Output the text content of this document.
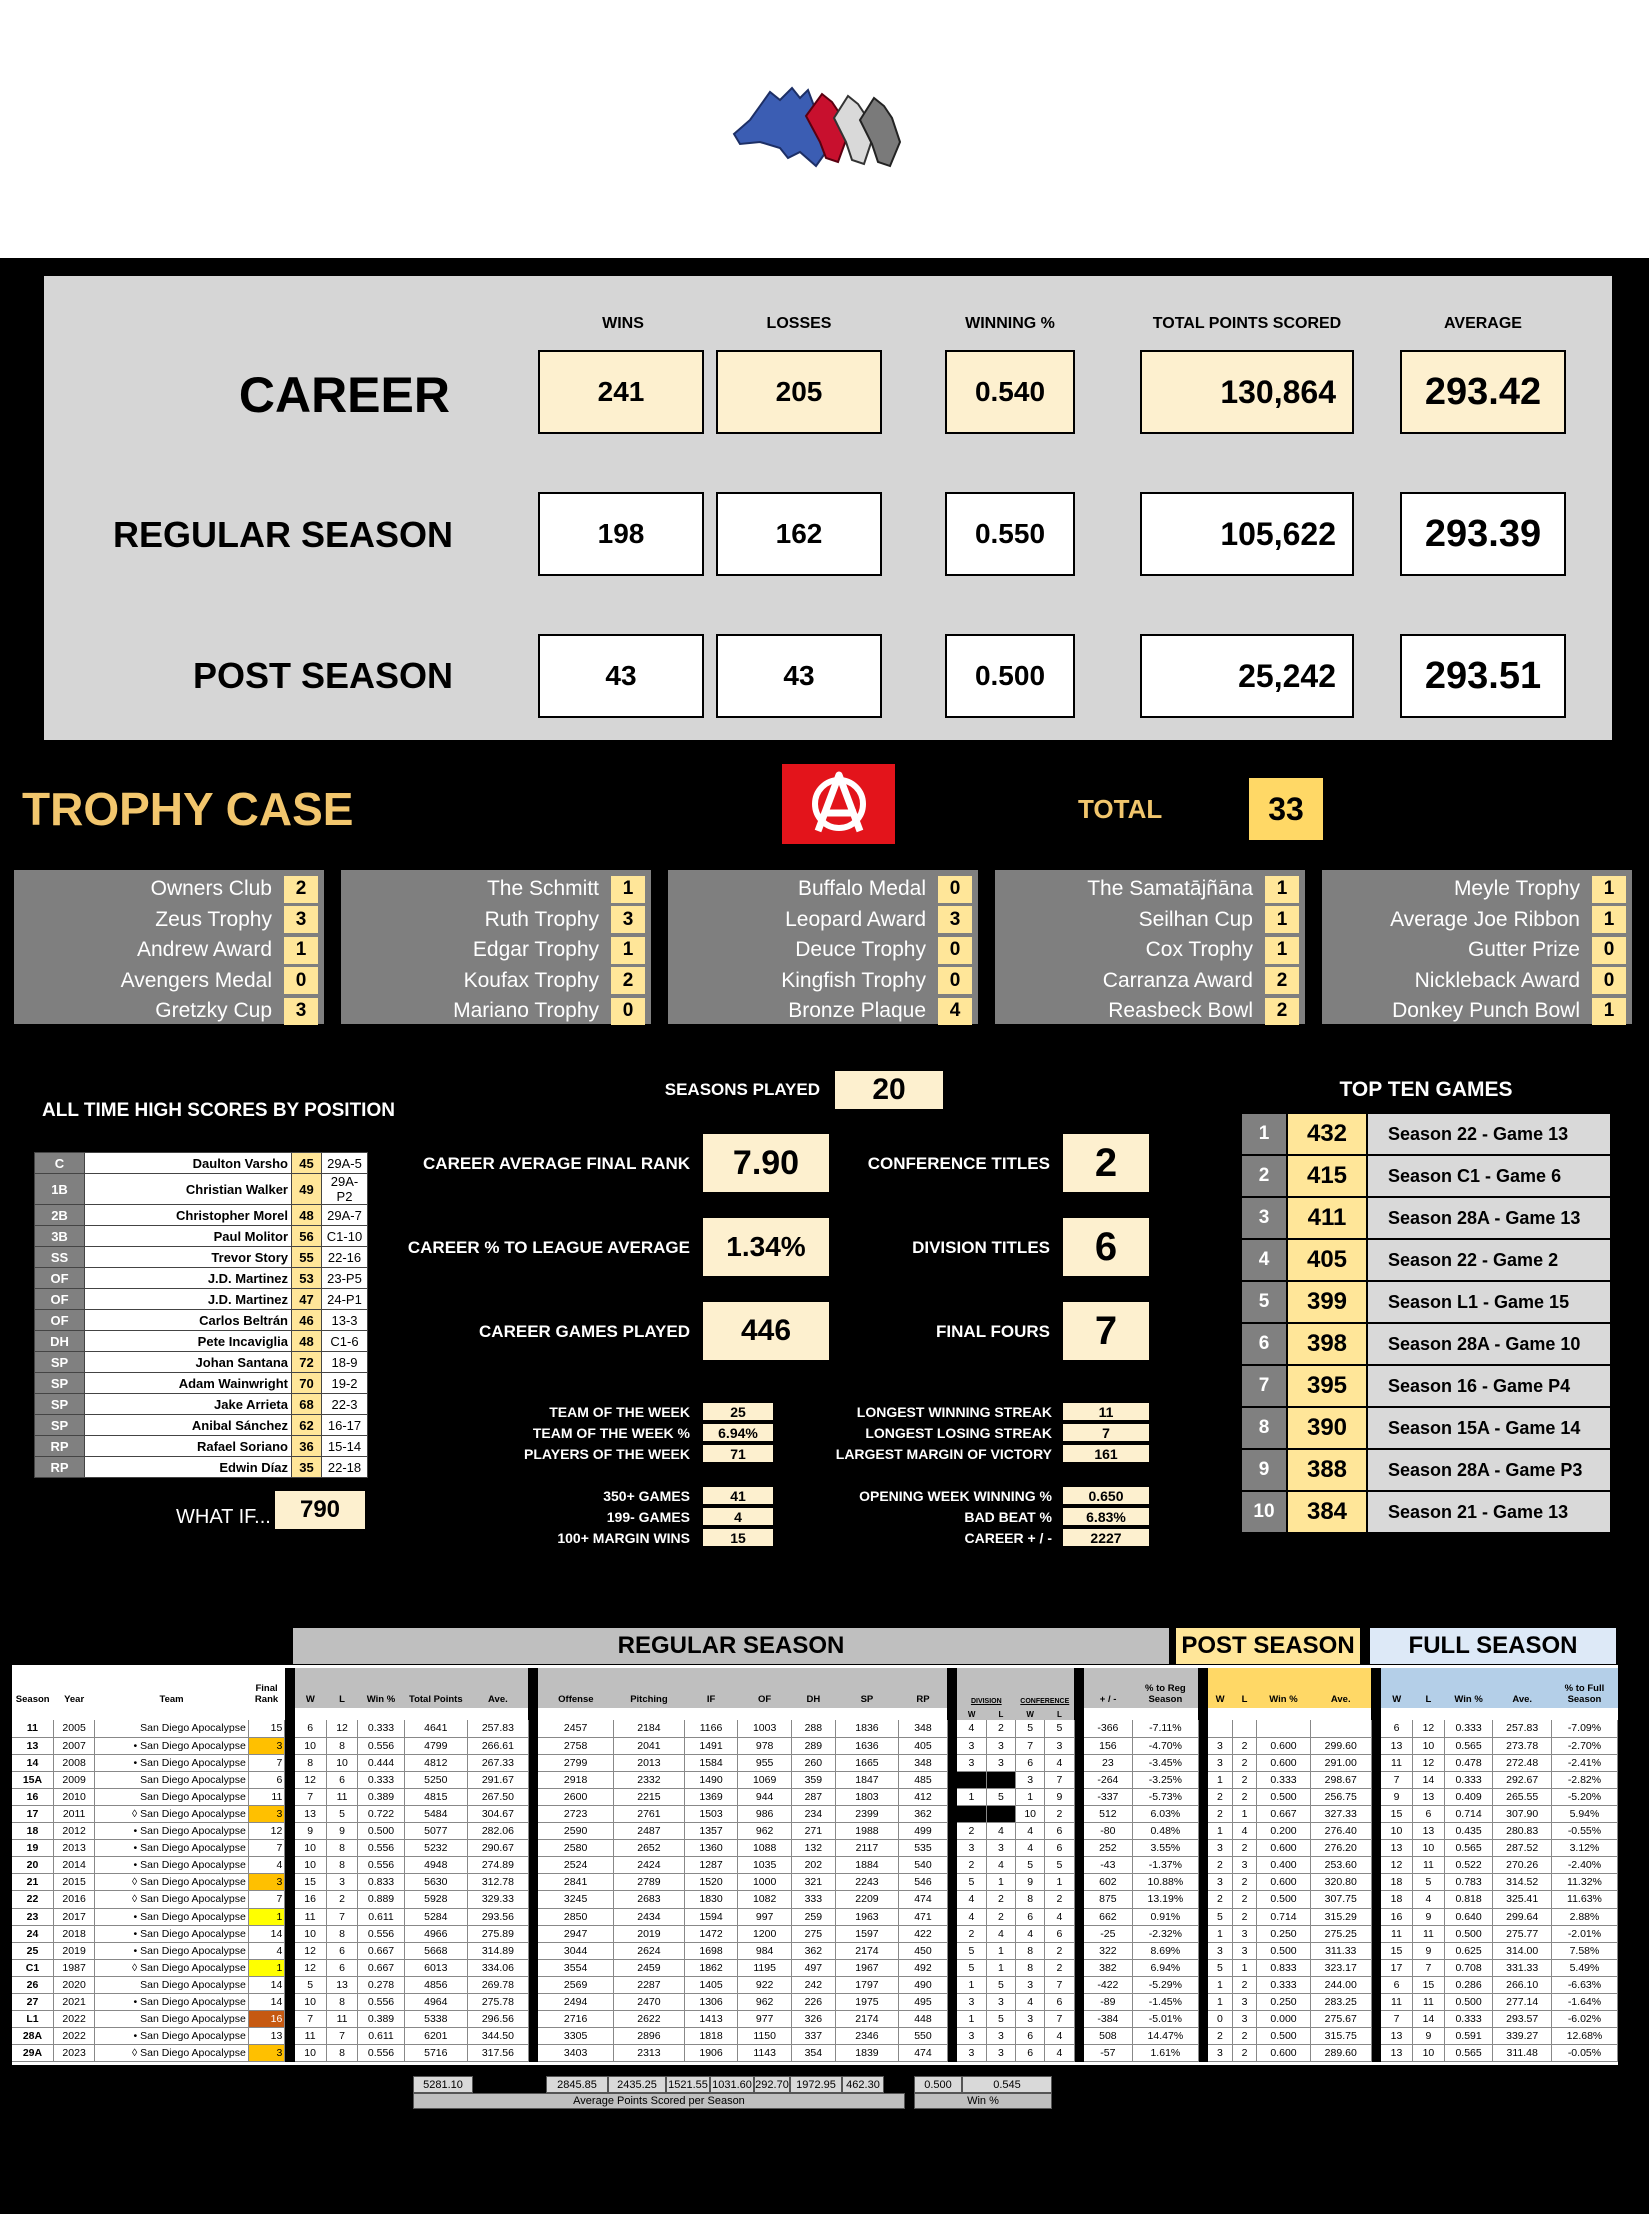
WINS	LOSSES	WINNING %	TOTAL POINTS SCORED	AVERAGE
CAREER	241	205	0.540	130,864	293.42
REGULAR SEASON	198	162	0.550	105,622	293.39
POST SEASON	43	43	0.500	25,242	293.51
TROPHY CASE	TOTAL	33
Owners Club	2
Zeus Trophy	3
Andrew Award	1
Avengers Medal	0
Gretzky Cup	3
The Schmitt	1
Ruth Trophy	3
Edgar Trophy	1
Koufax Trophy	2
Mariano Trophy	0
Buffalo Medal	0
Leopard Award	3
Deuce Trophy	0
Kingfish Trophy	0
Bronze Plaque	4
The Samatājñāna	1
Seilhan Cup	1
Cox Trophy	1
Carranza Award	2
Reasbeck Bowl	2
Meyle Trophy	1
Average Joe Ribbon	1
Gutter Prize	0
Nickleback Award	0
Donkey Punch Bowl	1
ALL TIME HIGH SCORES BY POSITION
C	Daulton Varsho	45	29A-5
1B	Christian Walker	49	29A-P2
2B	Christopher Morel	48	29A-7
3B	Paul Molitor	56	C1-10
SS	Trevor Story	55	22-16
OF	J.D. Martinez	53	23-P5
OF	J.D. Martinez	47	24-P1
OF	Carlos Beltrán	46	13-3
DH	Pete Incaviglia	48	C1-6
SP	Johan Santana	72	18-9
SP	Adam Wainwright	70	19-2
SP	Jake Arrieta	68	22-3
SP	Anibal Sánchez	62	16-17
RP	Rafael Soriano	36	15-14
RP	Edwin Díaz	35	22-18
WHAT IF...	790
SEASONS PLAYED	20
CAREER AVERAGE FINAL RANK	7.90
CAREER % TO LEAGUE AVERAGE	1.34%
CAREER GAMES PLAYED	446
CONFERENCE TITLES	2
DIVISION TITLES	6
FINAL FOURS	7
TEAM OF THE WEEK	25
TEAM OF THE WEEK %	6.94%
PLAYERS OF THE WEEK	71
350+ GAMES	41
199- GAMES	4
100+ MARGIN WINS	15
LONGEST WINNING STREAK	11
LONGEST LOSING STREAK	7
LARGEST MARGIN OF VICTORY	161
OPENING WEEK WINNING %	0.650
BAD BEAT %	6.83%
CAREER + / -	2227
TOP TEN GAMES
1	432	Season 22 - Game 13
2	415	Season C1 - Game 6
3	411	Season 28A - Game 13
4	405	Season 22 - Game 2
5	399	Season L1 - Game 15
6	398	Season 28A - Game 10
7	395	Season 16 - Game P4
8	390	Season 15A - Game 14
9	388	Season 28A - Game P3
10	384	Season 21 - Game 13
REGULAR SEASON	POST SEASON	FULL SEASON
Season	Year	Team	Final Rank		W	L	Win %	Total Points	Ave.		Offense	Pitching	IF	OF	DH	SP	RP		DIVISION		CONFERENCE			+ / -	% to Reg Season		W	L	Win %	Ave.		W	L	Win %	Ave.	% to Full Season
																			W	L	W	L														
11	2005	San Diego Apocalypse	15		6	12	0.333	4641	257.83		2457	2184	1166	1003	288	1836	348		4	2	5	5		-366	-7.11%							6	12	0.333	257.83	-7.09%
13	2007	• San Diego Apocalypse	3		10	8	0.556	4799	266.61		2758	2041	1491	978	289	1636	405		3	3	7	3		156	-4.70%		3	2	0.600	299.60		13	10	0.565	273.78	-2.70%
14	2008	• San Diego Apocalypse	7		8	10	0.444	4812	267.33		2799	2013	1584	955	260	1665	348		3	3	6	4		23	-3.45%		3	2	0.600	291.00		11	12	0.478	272.48	-2.41%
15A	2009	San Diego Apocalypse	6		12	6	0.333	5250	291.67		2918	2332	1490	1069	359	1847	485				3	7		-264	-3.25%		1	2	0.333	298.67		7	14	0.333	292.67	-2.82%
16	2010	San Diego Apocalypse	11		7	11	0.389	4815	267.50		2600	2215	1369	944	287	1803	412		1	5	1	9		-337	-5.73%		2	2	0.500	256.75		9	13	0.409	265.55	-5.20%
17	2011	◊ San Diego Apocalypse	3		13	5	0.722	5484	304.67		2723	2761	1503	986	234	2399	362				10	2		512	6.03%		2	1	0.667	327.33		15	6	0.714	307.90	5.94%
18	2012	• San Diego Apocalypse	12		9	9	0.500	5077	282.06		2590	2487	1357	962	271	1988	499		2	4	4	6		-80	0.48%		1	4	0.200	276.40		10	13	0.435	280.83	-0.55%
19	2013	• San Diego Apocalypse	7		10	8	0.556	5232	290.67		2580	2652	1360	1088	132	2117	535		3	3	4	6		252	3.55%		3	2	0.600	276.20		13	10	0.565	287.52	3.12%
20	2014	• San Diego Apocalypse	4		10	8	0.556	4948	274.89		2524	2424	1287	1035	202	1884	540		2	4	5	5		-43	-1.37%		2	3	0.400	253.60		12	11	0.522	270.26	-2.40%
21	2015	◊ San Diego Apocalypse	3		15	3	0.833	5630	312.78		2841	2789	1520	1000	321	2243	546		5	1	9	1		602	10.88%		3	2	0.600	320.80		18	5	0.783	314.52	11.32%
22	2016	◊ San Diego Apocalypse	7		16	2	0.889	5928	329.33		3245	2683	1830	1082	333	2209	474		4	2	8	2		875	13.19%		2	2	0.500	307.75		18	4	0.818	325.41	11.63%
23	2017	• San Diego Apocalypse	1		11	7	0.611	5284	293.56		2850	2434	1594	997	259	1963	471		4	2	6	4		662	0.91%		5	2	0.714	315.29		16	9	0.640	299.64	2.88%
24	2018	• San Diego Apocalypse	14		10	8	0.556	4966	275.89		2947	2019	1472	1200	275	1597	422		2	4	4	6		-25	-2.32%		1	3	0.250	275.25		11	11	0.500	275.77	-2.01%
25	2019	• San Diego Apocalypse	4		12	6	0.667	5668	314.89		3044	2624	1698	984	362	2174	450		5	1	8	2		322	8.69%		3	3	0.500	311.33		15	9	0.625	314.00	7.58%
C1	1987	◊ San Diego Apocalypse	1		12	6	0.667	6013	334.06		3554	2459	1862	1195	497	1967	492		5	1	8	2		382	6.94%		5	1	0.833	323.17		17	7	0.708	331.33	5.49%
26	2020	San Diego Apocalypse	14		5	13	0.278	4856	269.78		2569	2287	1405	922	242	1797	490		1	5	3	7		-422	-5.29%		1	2	0.333	244.00		6	15	0.286	266.10	-6.63%
27	2021	• San Diego Apocalypse	14		10	8	0.556	4964	275.78		2494	2470	1306	962	226	1975	495		3	3	4	6		-89	-1.45%		1	3	0.250	283.25		11	11	0.500	277.14	-1.64%
L1	2022	San Diego Apocalypse	16		7	11	0.389	5338	296.56		2716	2622	1413	977	326	2174	448		1	5	3	7		-384	-5.01%		0	3	0.000	275.67		7	14	0.333	293.57	-6.02%
28A	2022	• San Diego Apocalypse	13		11	7	0.611	6201	344.50		3305	2896	1818	1150	337	2346	550		3	3	6	4		508	14.47%		2	2	0.500	315.75		13	9	0.591	339.27	12.68%
29A	2023	◊ San Diego Apocalypse	3		10	8	0.556	5716	317.56		3403	2313	1906	1143	354	1839	474		3	3	6	4		-57	1.61%		3	2	0.600	289.60		13	10	0.565	311.48	-0.05%
• qualified for post-season Tournament ◊ won division	5281.10	2845.85	2435.25	1521.55 1031.60 292.70 1972.95 462.30
Average Points Scored per Season
0.500	0.545
Win %
